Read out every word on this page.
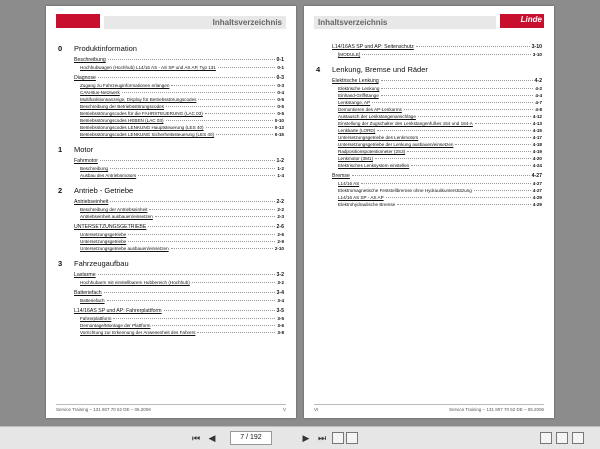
Inhaltsverzeichnis
0	Produktinformation
Beschreibung	0-1
Hochhubwagen (Hochhub) L14/16 AS - AS SP und AS AP, Typ 131	0-1
Diagnose	0-3
Zugang zu Fahrzeuginformationen erlangen	0-3
CAN-Bus-Netzwerk	0-4
Multifunktionsanzeige, Display für Betriebsstörungscodes	0-5
Beschreibung der Betriebsstörungscodes	0-5
Betriebsstörungscodes für die FAHRSTEUERUNG (LAC 03)	0-5
Betriebsstörungscodes HEBEN (LAC 03)	0-10
Betriebsstörungscodes LENKUNG Hauptsteuerung (LES 40)	0-13
Betriebsstörungscodes LENKUNG Sicherheitssteuerung (LES 40)	0-15
1	Motor
Fahrmotor	1-2
Beschreibung	1-2
Ausbau des Antriebsmotors	1-4
2	Antrieb - Getriebe
Antriebseinheit	2-2
Beschreibung der Antriebseinheit	2-2
Antriebseinheit ausbauen/einsetzen	2-3
UNTERSETZUNGSGETRIEBE	2-6
Untersetzungsgetriebe	2-6
Untersetzungsgetriebe	2-9
Untersetzungsgetriebe ausbauen/einsetzen	2-10
3	Fahrzeugaufbau
Lastarme	3-2
Hochhubarm mit einstellbarem Hubbereich (Hochhub)	3-2
Batteriefach	3-4
Batteriefach	3-4
L14/16AS SP und AP: Fahrerplattform	3-5
Fahrerplattform	3-5
Demontage/Montage der Plattform	3-6
Vorrichtung zur Erkennung der Anwesenheit des Fahrers	3-8
Service Training – 131 807 70 52 DE – 06.2006	V
Inhaltsverzeichnis	Linde
L14/16AS SP und AP: Seitenschutz	3-10
[MODULE]	3-10
4	Lenkung, Bremse und Räder
Elektrische Lenkung	4-2
Elektrische Lenkung	4-2
Einhand-Griffstange	4-4
Lenkstange, AP	4-7
Demontieren des AP-Lenkarms	4-8
Austausch der Lenkstangenanschläge	4-12
Einstellung der Zugschalter des Lenkstangenfußes 154 und 184-A	4-13
Lenkkarte (LORD)	4-15
Untersetzungsgetriebe des Lenkmotors	4-17
Untersetzungsgetriebe der Lenkung ausbauen/einsetzen	4-18
Radpositionspotentiometer (2S3)	4-19
Lenkmotor (3M1)	4-20
Elektrisches Lenksystem einstellen	4-24
Bremse	4-27
L14/16 AS	4-27
Elektromagnetische Feststellbremse ohne Hydraulikunterstützung	4-27
L14/16 AS SP - AS AP	4-29
Elektrohydraulische Bremse	4-29
VI	Service Training – 131 807 70 52 DE – 06.2006
⏮ ◀	7 / 192	▶ ⏭
